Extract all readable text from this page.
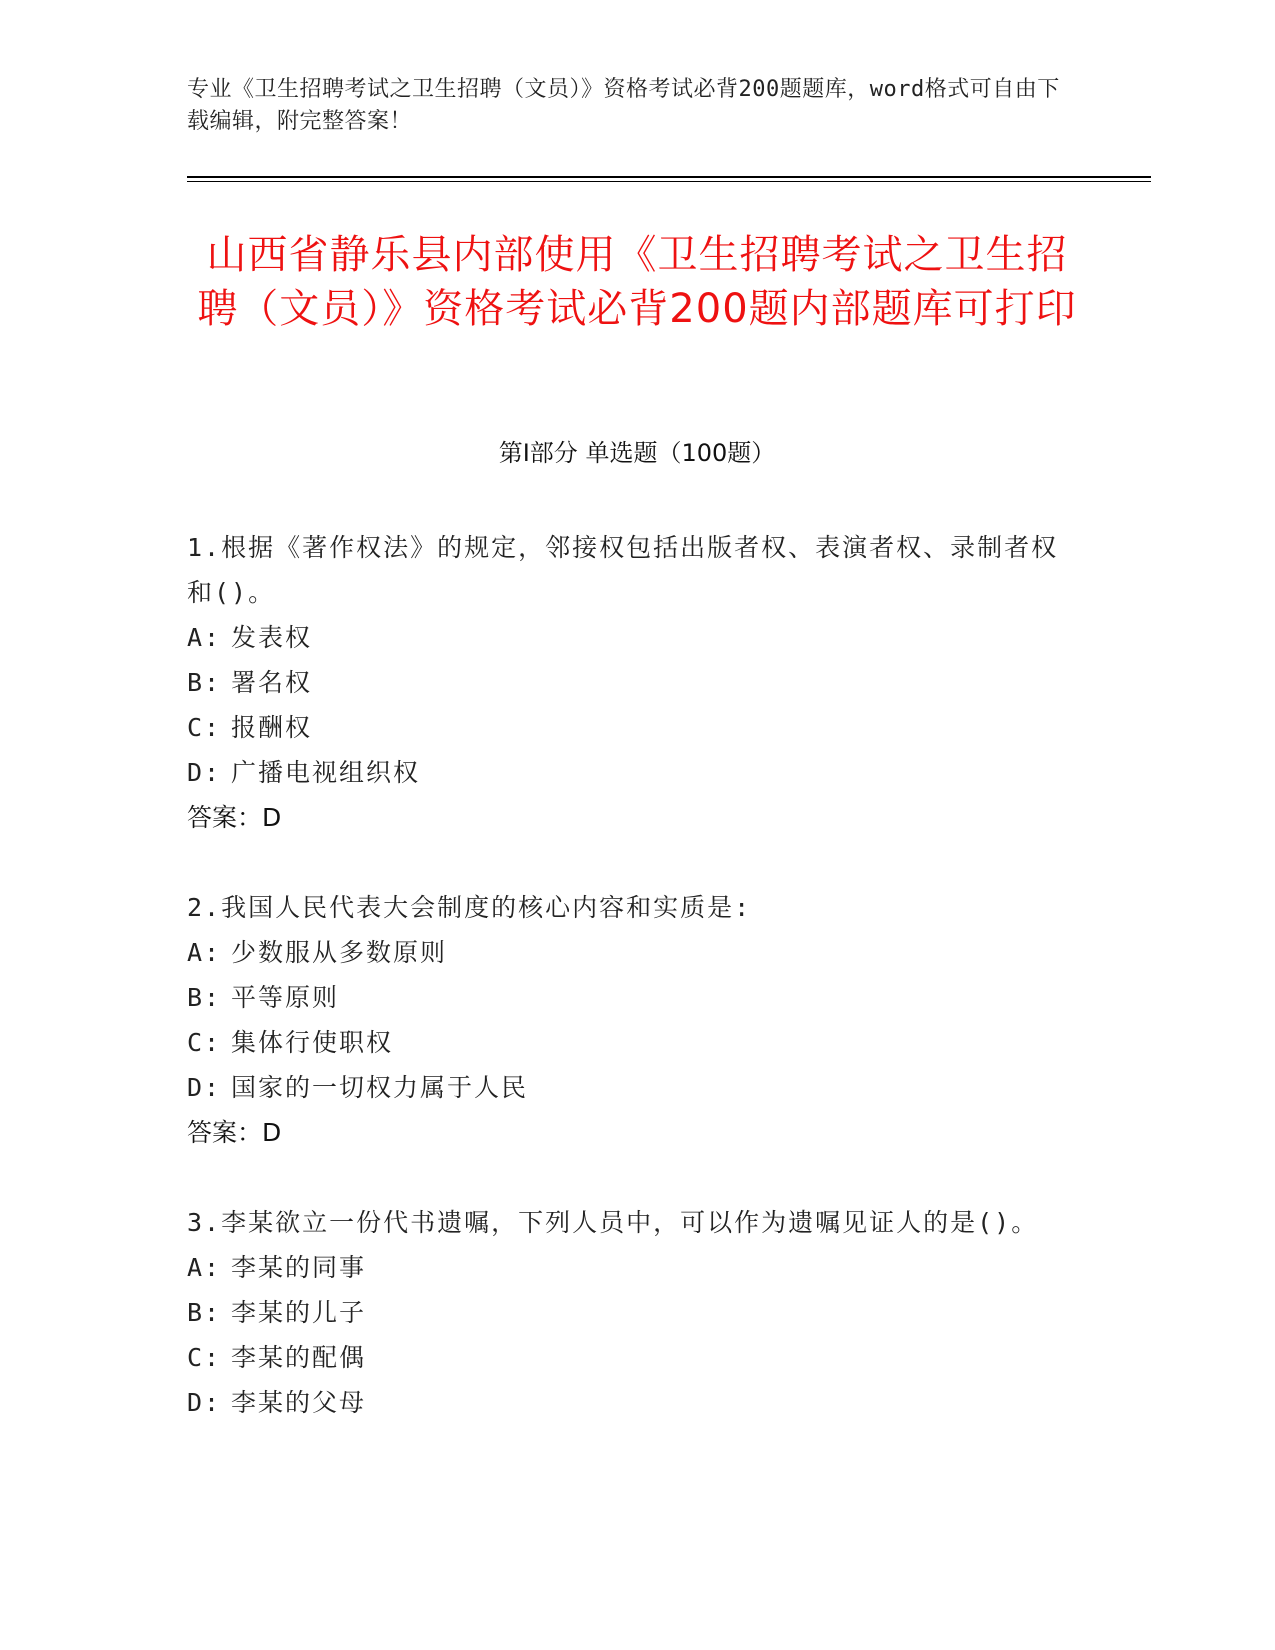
专业《卫生招聘考试之卫生招聘（文员）》资格考试必背200题题库，word格式可自由下载编辑，附完整答案！
山西省静乐县内部使用《卫生招聘考试之卫生招聘（文员）》资格考试必背200题内部题库可打印
第I部分 单选题（100题）
1.根据《著作权法》的规定，邻接权包括出版者权、表演者权、录制者权和()。
A: 发表权
B: 署名权
C: 报酬权
D: 广播电视组织权
答案：D
2.我国人民代表大会制度的核心内容和实质是:
A: 少数服从多数原则
B: 平等原则
C: 集体行使职权
D: 国家的一切权力属于人民
答案：D
3.李某欲立一份代书遗嘱，下列人员中，可以作为遗嘱见证人的是()。
A: 李某的同事
B: 李某的儿子
C: 李某的配偶
D: 李某的父母
